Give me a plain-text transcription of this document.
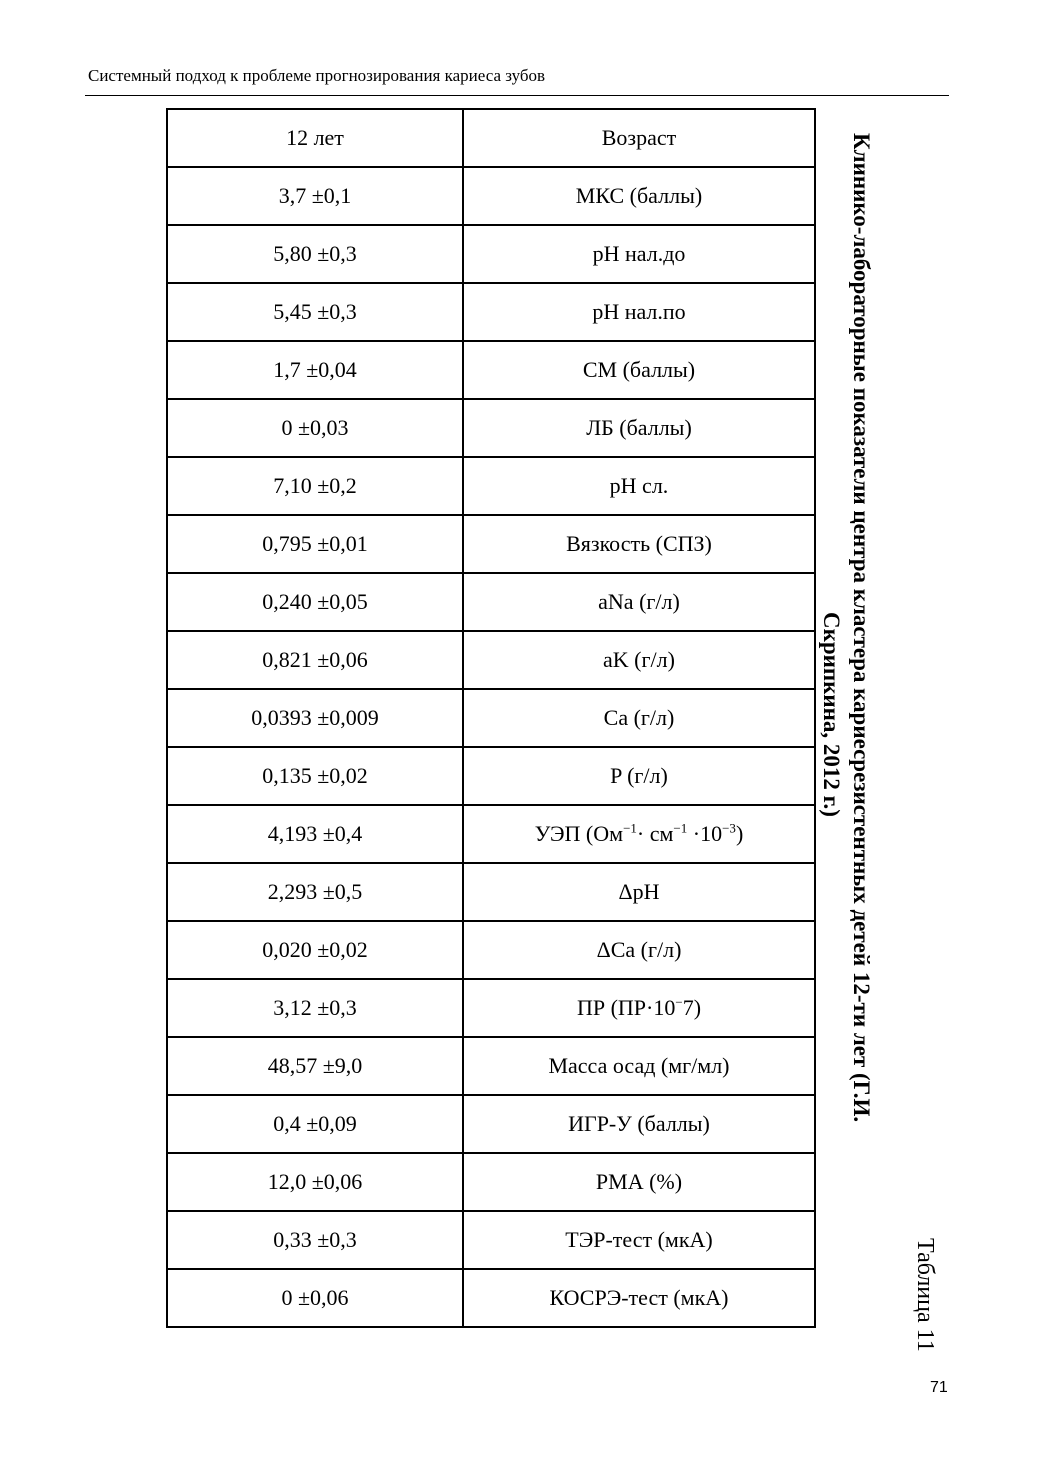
Системный подход к проблеме прогнозирования кариеса зубов
12 лет	Возраст
3,7 ±0,1	МКС (баллы)
5,80 ±0,3	pH нал.до
5,45 ±0,3	pH нал.по
1,7 ±0,04	СМ (баллы)
0 ±0,03	ЛБ (баллы)
7,10 ±0,2	pH сл.
0,795 ±0,01	Вязкость (СПЗ)
0,240 ±0,05	aNa (г/л)
0,821 ±0,06	aK (г/л)
0,0393 ±0,009	Ca (г/л)
0,135 ±0,02	P (г/л)
4,193 ±0,4	УЭП $(Ом^{-1}\cdot см^{-1} \cdot 10^{-3})$
2,293 ±0,5	ΔpH
0,020 ±0,02	ΔCa (г/л)
3,12 ±0,3	ПР (ПР·10−7)
48,57 ±9,0	Масса осад (мг/мл)
0,4 ±0,09	ИГР-У (баллы)
12,0 ±0,06	РМА (%)
0,33 ±0,3	ТЭР-тест (мкА)
0 ±0,06	КОСРЭ-тест (мкА)	Таблица 11
Клинико-лабораторные показатели центра кластера кариесрезистентных детей 12-ти лет (Г.И.
Скрипкина, 2012 г.)
71
